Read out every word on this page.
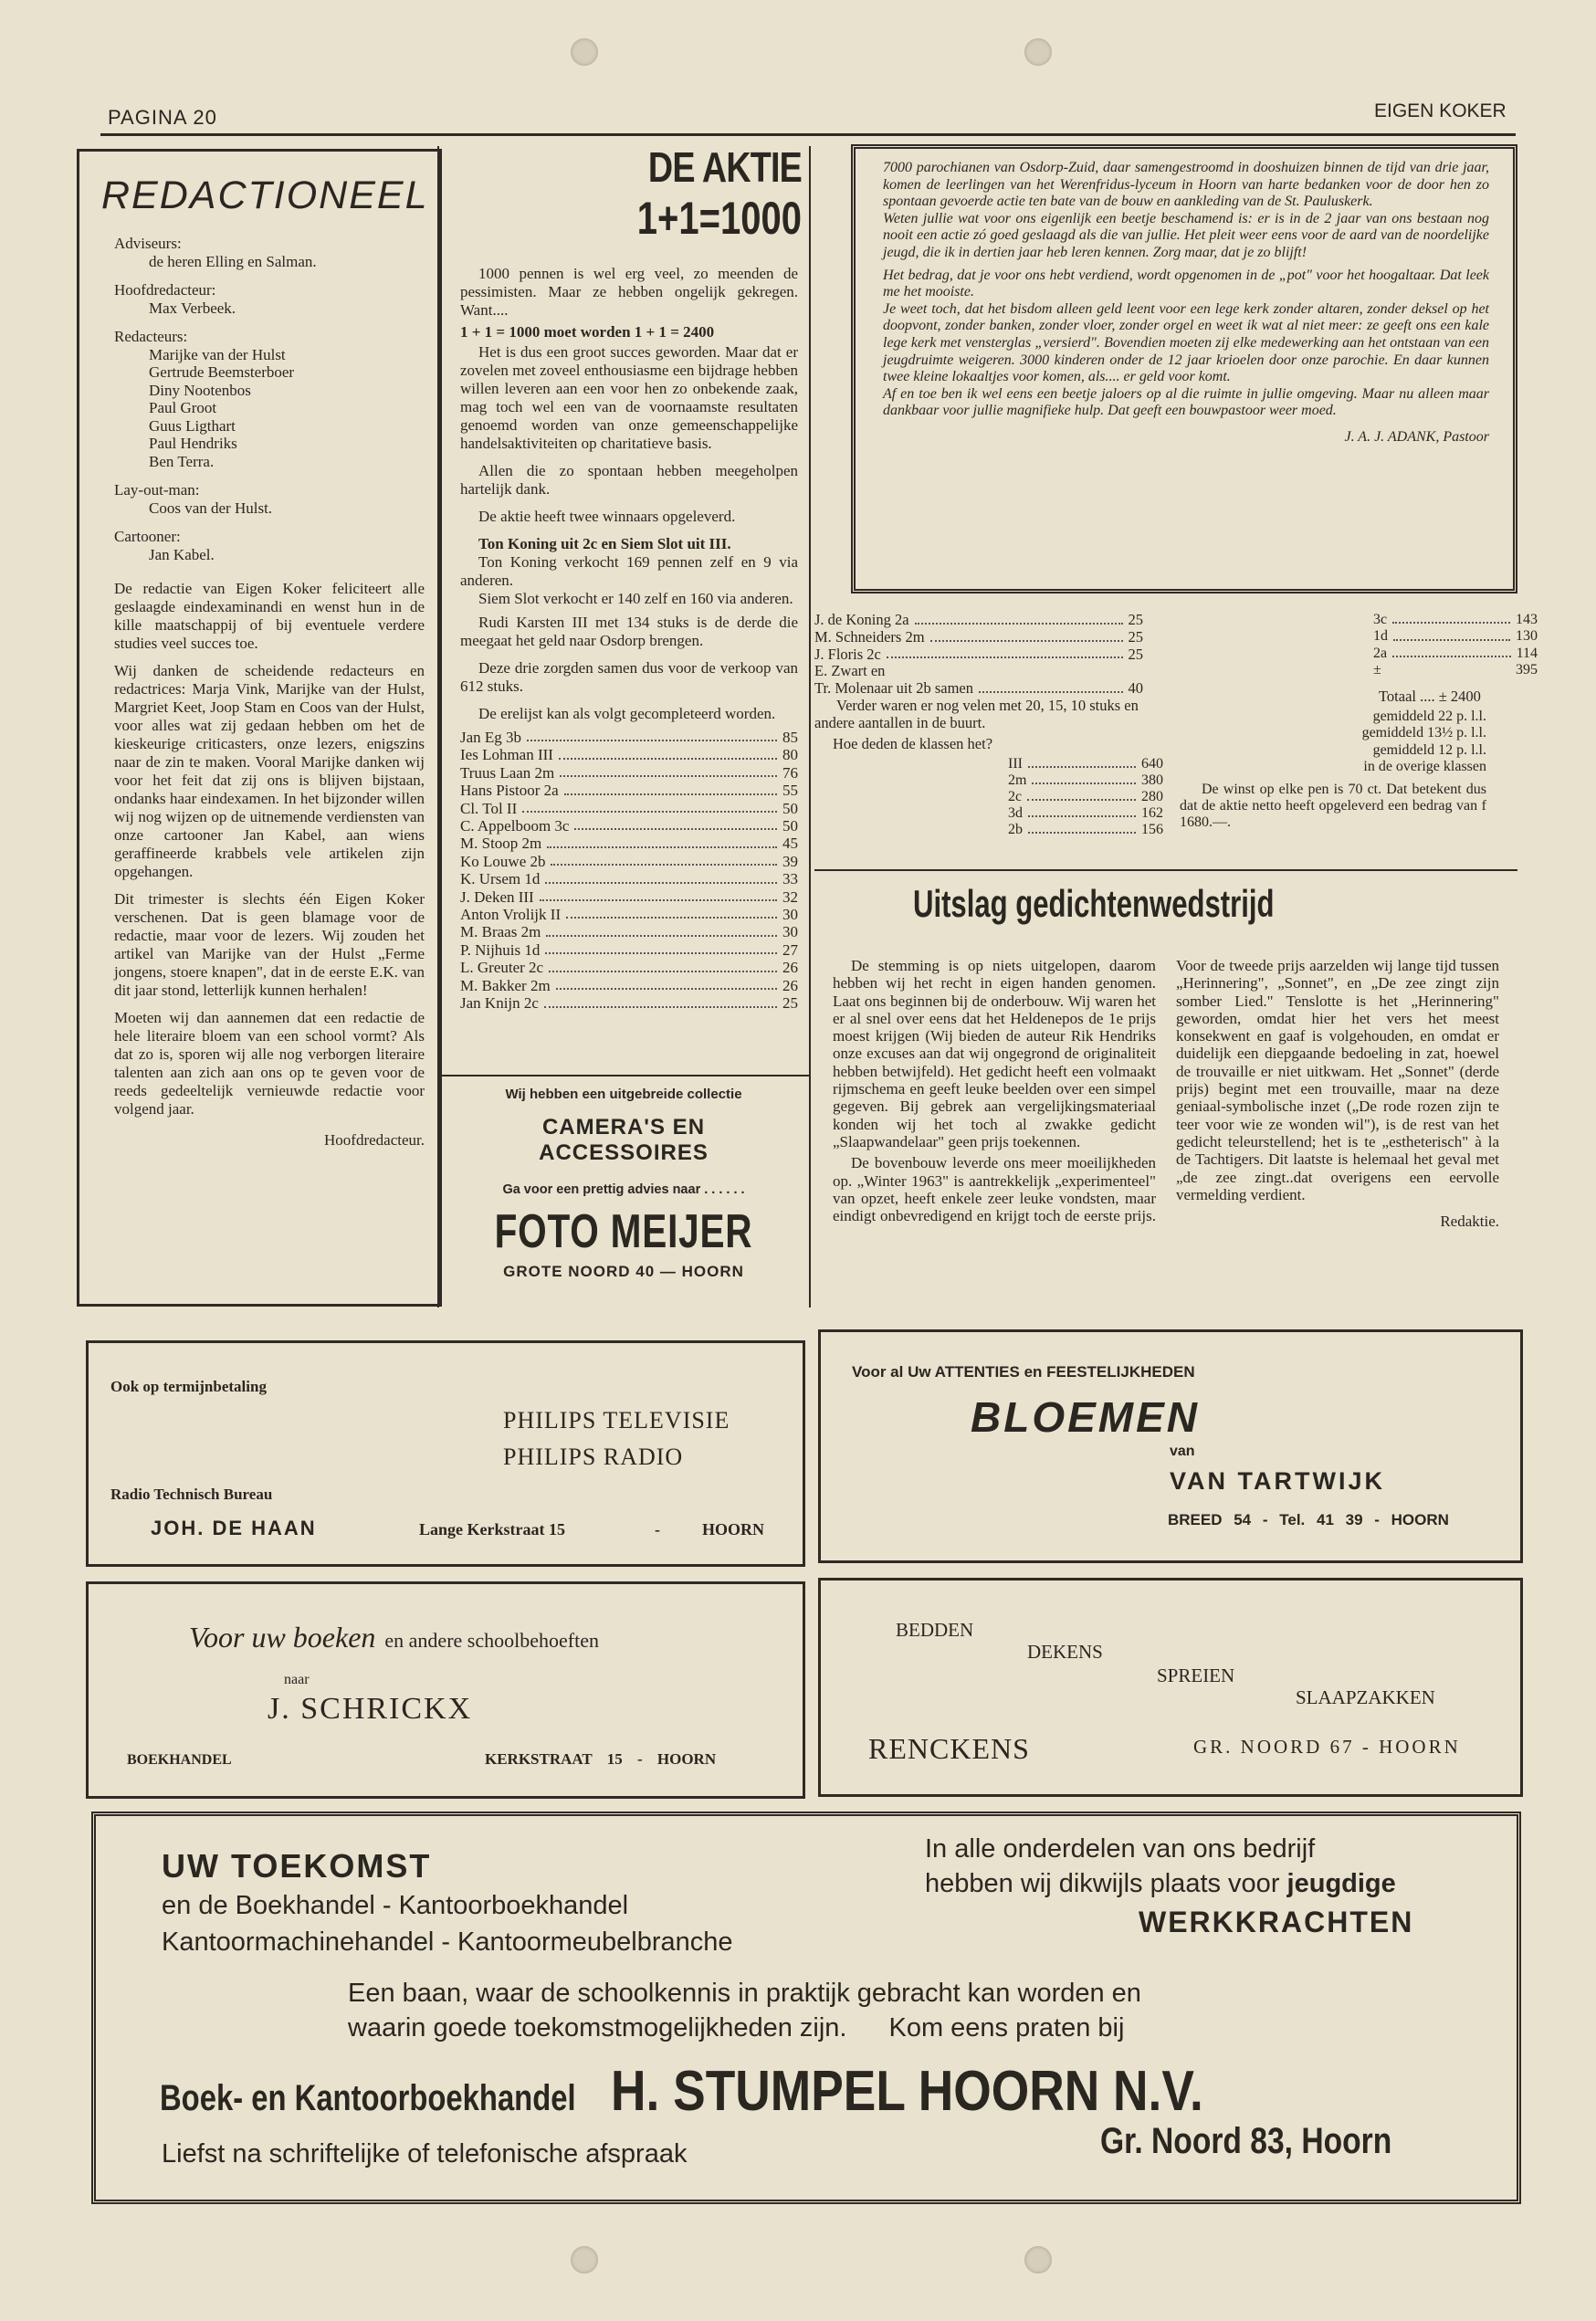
PAGINA 20	EIGEN KOKER
REDACTIONEEL
Adviseurs:
de heren Elling en Salman.
Hoofdredacteur:
Max Verbeek.
Redacteurs:
Marijke van der Hulst
Gertrude Beemsterboer
Diny Nootenbos
Paul Groot
Guus Ligthart
Paul Hendriks
Ben Terra.
Lay-out-man:
Coos van der Hulst.
Cartooner:
Jan Kabel.

De redactie van Eigen Koker feliciteert alle geslaagde eindexaminandi en wenst hun in de kille maatschappij of bij eventuele verdere studies veel succes toe.

Wij danken de scheidende redacteurs en redactrices: Marja Vink, Marijke van der Hulst, Margriet Keet, Joop Stam en Coos van der Hulst, voor alles wat zij gedaan hebben om het de kieskeurige criticasters, onze lezers, enigszins naar de zin te maken. Vooral Marijke danken wij voor het feit dat zij ons is blijven bijstaan, ondanks haar eindexamen. In het bijzonder willen wij nog wijzen op de uitnemende verdiensten van onze cartooner Jan Kabel, aan wiens geraffineerde krabbels vele artikelen zijn opgehangen.

Dit trimester is slechts één Eigen Koker verschenen. Dat is geen blamage voor de redactie, maar voor de lezers. Wij zouden het artikel van Marijke van der Hulst „Ferme jongens, stoere knapen", dat in de eerste E.K. van dit jaar stond, letterlijk kunnen herhalen!

Moeten wij dan aannemen dat een redactie de hele literaire bloem van een school vormt? Als dat zo is, sporen wij alle nog verborgen literaire talenten aan zich aan ons op te geven voor de reeds gedeeltelijk vernieuwde redactie voor volgend jaar.

Hoofdredacteur.
DE AKTIE
1+1=1000

1000 pennen is wel erg veel, zo meenden de pessimisten. Maar ze hebben ongelijk gekregen. Want....

1 + 1 = 1000 moet worden 1 + 1 = 2400

Het is dus een groot succes geworden. Maar dat er zovelen met zoveel enthousiasme een bijdrage hebben willen leveren aan een voor hen zo onbekende zaak, mag toch wel een van de voornaamste resultaten genoemd worden van onze gemeenschappelijke handelsaktiviteiten op charitatieve basis.

Allen die zo spontaan hebben meegeholpen hartelijk dank.

De aktie heeft twee winnaars opgeleverd.

Ton Koning uit 2c en Siem Slot uit III.

Ton Koning verkocht 169 pennen zelf en 9 via anderen.

Siem Slot verkocht er 140 zelf en 160 via anderen.

Rudi Karsten III met 134 stuks is de derde die meegaat het geld naar Osdorp brengen.

Deze drie zorgden samen dus voor de verkoop van 612 stuks.

De erelijst kan als volgt gecompleteerd worden.

Jan Eg 3b	85
Ies Lohman III	80
Truus Laan 2m	76
Hans Pistoor 2a	55
Cl. Tol II	50
C. Appelboom 3c	50
M. Stoop 2m	45
Ko Louwe 2b	39
K. Ursem 1d	33
J. Deken III	32
Anton Vrolijk II	30
M. Braas 2m	30
P. Nijhuis 1d	27
L. Greuter 2c	26
M. Bakker 2m	26
Jan Knijn 2c	25
Wij hebben een uitgebreide collectie
CAMERA'S EN
ACCESSOIRES
Ga voor een prettig advies naar . . . . . .
FOTO MEIJER
GROTE NOORD 40 — HOORN

7000 parochianen van Osdorp-Zuid, daar samengestroomd in dooshuizen binnen de tijd van drie jaar, komen de leerlingen van het Werenfridus-lyceum in Hoorn van harte bedanken voor de door hen zo spontaan gevoerde actie ten bate van de bouw en aankleding van de St. Pauluskerk.

Weten jullie wat voor ons eigenlijk een beetje beschamend is: er is in de 2 jaar van ons bestaan nog nooit een actie zó goed geslaagd als die van jullie. Het pleit weer eens voor de aard van de noordelijke jeugd, die ik in dertien jaar heb leren kennen. Zorg maar, dat je zo blijft!

Het bedrag, dat je voor ons hebt verdiend, wordt opgenomen in de „pot" voor het hoogaltaar. Dat leek me het mooiste.

Je weet toch, dat het bisdom alleen geld leent voor een lege kerk zonder altaren, zonder deksel op het doopvont, zonder banken, zonder vloer, zonder orgel en weet ik wat al niet meer: ze geeft ons een kale lege kerk met vensterglas „versierd". Bovendien moeten zij elke medewerking aan het ontstaan van een jeugdruimte weigeren. 3000 kinderen onder de 12 jaar krioelen door onze parochie. En daar kunnen twee kleine lokaaltjes voor komen, als.... er geld voor komt.

Af en toe ben ik wel eens een beetje jaloers op al die ruimte in jullie omgeving. Maar nu alleen maar dankbaar voor jullie magnifieke hulp. Dat geeft een bouwpastoor weer moed.

J. A. J. ADANK, Pastoor
J. de Koning 2a	25
M. Schneiders 2m	25
J. Floris 2c	25
E. Zwart en
Tr. Molenaar uit 2b samen	40
Verder waren er nog velen met 20, 15, 10 stuks en andere aantallen in de buurt.
Hoe deden de klassen het?
III	640
2m	380
2c	280
3d	162
2b	156
3c	143
1d	130
2a	114
±	395
Totaal .... ± 2400
gemiddeld 22 p. l.l.
gemiddeld 13½ p. l.l.
gemiddeld 12 p. l.l.
in de overige klassen
De winst op elke pen is 70 ct. Dat betekent dus dat de aktie netto heeft opgeleverd een bedrag van f 1680.—.
Uitslag gedichtenwedstrijd

De stemming is op niets uitgelopen, daarom hebben wij het recht in eigen handen genomen. Laat ons beginnen bij de onderbouw. Wij waren het er al snel over eens dat het Heldenepos de 1e prijs moest krijgen (Wij bieden de auteur Rik Hendriks onze excuses aan dat wij ongegrond de originaliteit hebben betwijfeld). Het gedicht heeft een volmaakt rijmschema en geeft leuke beelden over een simpel gegeven. Bij gebrek aan vergelijkingsmateriaal konden wij het toch al zwakke gedicht „Slaapwandelaar" geen prijs toekennen.

De bovenbouw leverde ons meer moeilijkheden op. „Winter 1963" is aantrekkelijk „experimenteel" van opzet, heeft enkele zeer leuke vondsten, maar eindigt onbevredigend en krijgt toch de eerste prijs. Voor de tweede prijs aarzelden wij lange tijd tussen „Herinnering", „Sonnet", en „De zee zingt zijn somber Lied." Tenslotte is het „Herinnering" geworden, omdat hier het vers het meest konsekwent en gaaf is volgehouden, en omdat er duidelijk een diepgaande bedoeling in zat, hoewel de trouvaille er niet uitkwam. Het „Sonnet" (derde prijs) begint met een trouvaille, maar na deze geniaal-symbolische inzet („De rode rozen zijn te teer voor wie ze wonden wil"), is de rest van het gedicht teleurstellend; het is te „estheterisch" à la de Tachtigers. Dit laatste is helemaal het geval met „de zee zingt..dat overigens een eervolle vermelding verdient.

Redaktie.
Ook op termijnbetaling
PHILIPS TELEVISIE
PHILIPS RADIO
Radio Technisch Bureau
JOH. DE HAAN	Lange Kerkstraat 15	-	HOORN
Voor al Uw ATTENTIES en FEESTELIJKHEDEN
BLOEMEN
van
VAN TARTWIJK
BREED 54 - Tel. 41 39 - HOORN
Voor uw boeken en andere schoolbehoeften
naar
J. SCHRICKX
BOEKHANDEL	KERKSTRAAT 15 - HOORN
BEDDEN
DEKENS
SPREIEN
SLAAPZAKKEN
RENCKENS	GR. NOORD 67 - HOORN
UW TOEKOMST
en de Boekhandel - Kantoorboekhandel
Kantoormachinehandel - Kantoormeubelbranche
In alle onderdelen van ons bedrijf
hebben wij dikwijls plaats voor jeugdige
WERKKRACHTEN
Een baan, waar de schoolkennis in praktijk gebracht kan worden en
waarin goede toekomstmogelijkheden zijn. Kom eens praten bij
Boek- en Kantoorboekhandel H. STUMPEL HOORN N.V.
Liefst na schriftelijke of telefonische afspraak	Gr. Noord 83, Hoorn
